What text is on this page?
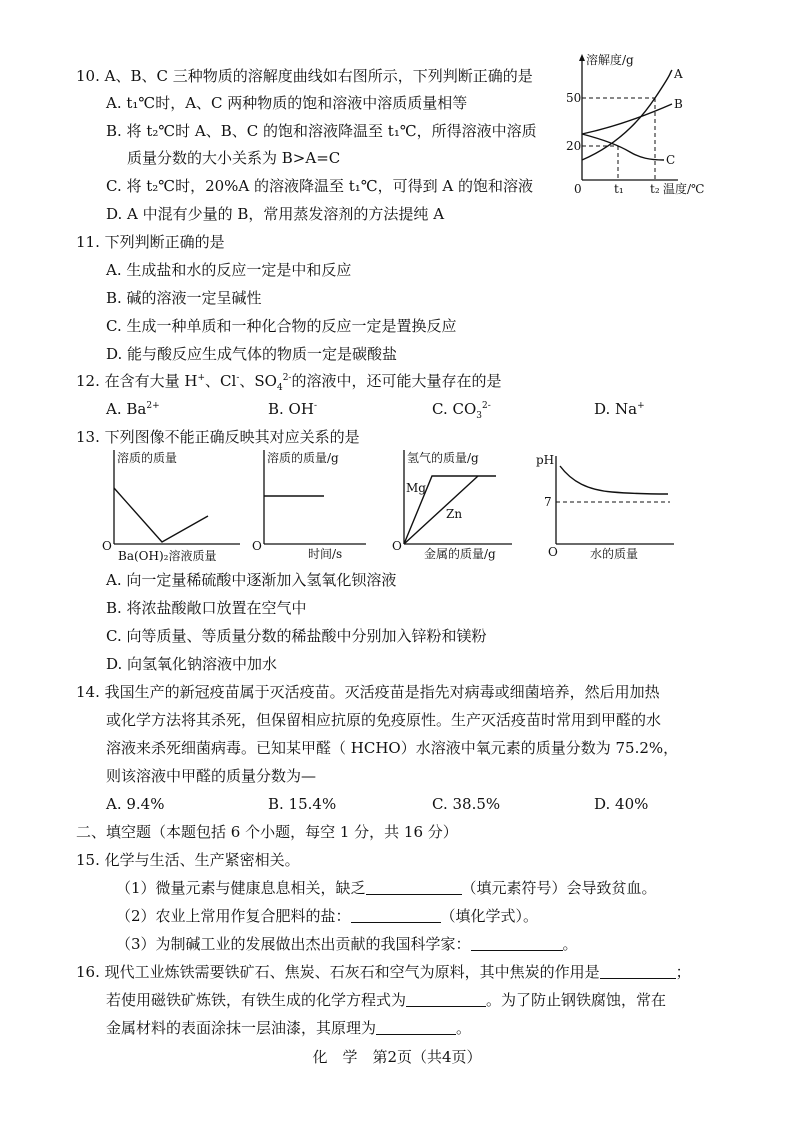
10. A、B、C 三种物质的溶解度曲线如右图所示，下列判断正确的是
A. t₁℃时，A、C 两种物质的饱和溶液中溶质质量相等
B. 将 t₂℃时 A、B、C 的饱和溶液降温至 t₁℃，所得溶液中溶质
质量分数的大小关系为 B>A=C
C. 将 t₂℃时，20%A 的溶液降温至 t₁℃，可得到 A 的饱和溶液
D. A 中混有少量的 B，常用蒸发溶剂的方法提纯 A
溶解度/g
50
20
0	t₁ t₂ 温度/℃
A
B
C
11. 下列判断正确的是
A. 生成盐和水的反应一定是中和反应
B. 碱的溶液一定呈碱性
C. 生成一种单质和一种化合物的反应一定是置换反应
D. 能与酸反应生成气体的物质一定是碳酸盐
12. 在含有大量 H+、Cl-、$SO_4^{2-}$的溶液中，还可能大量存在的是
A. $Ba^{2+}$	B. OH-	C. $CO_3^{2-}$	D. Na+
13. 下列图像不能正确反映其对应关系的是
溶质的质量
O
Ba(OH)₂溶液质量
溶质的质量/g
O
时间/s
氢气的质量/g
Mg
Zn
O
金属的质量/g
pH
7
O	水的质量
A. 向一定量稀硫酸中逐渐加入氢氧化钡溶液
B. 将浓盐酸敞口放置在空气中
C. 向等质量、等质量分数的稀盐酸中分别加入锌粉和镁粉
D. 向氢氧化钠溶液中加水
14. 我国生产的新冠疫苗属于灭活疫苗。灭活疫苗是指先对病毒或细菌培养，然后用加热
或化学方法将其杀死，但保留相应抗原的免疫原性。生产灭活疫苗时常用到甲醛的水
溶液来杀死细菌病毒。已知某甲醛（ HCHO）水溶液中氧元素的质量分数为 75.2%，
则该溶液中甲醛的质量分数为—
A. 9.4%	B. 15.4%	C. 38.5%	D. 40%
二、填空题（本题包括 6 个小题，每空 1 分，共 16 分）
15. 化学与生活、生产紧密相关。
（1）微量元素与健康息息相关，缺乏	（填元素符号）会导致贫血。
（2）农业上常用作复合肥料的盐：	（填化学式）。
（3）为制碱工业的发展做出杰出贡献的我国科学家：	。
16. 现代工业炼铁需要铁矿石、焦炭、石灰石和空气为原料，其中焦炭的作用是	；
若使用磁铁矿炼铁，有铁生成的化学方程式为	。为了防止钢铁腐蚀，常在
金属材料的表面涂抹一层油漆，其原理为	。
化　学　第2页（共4页）
